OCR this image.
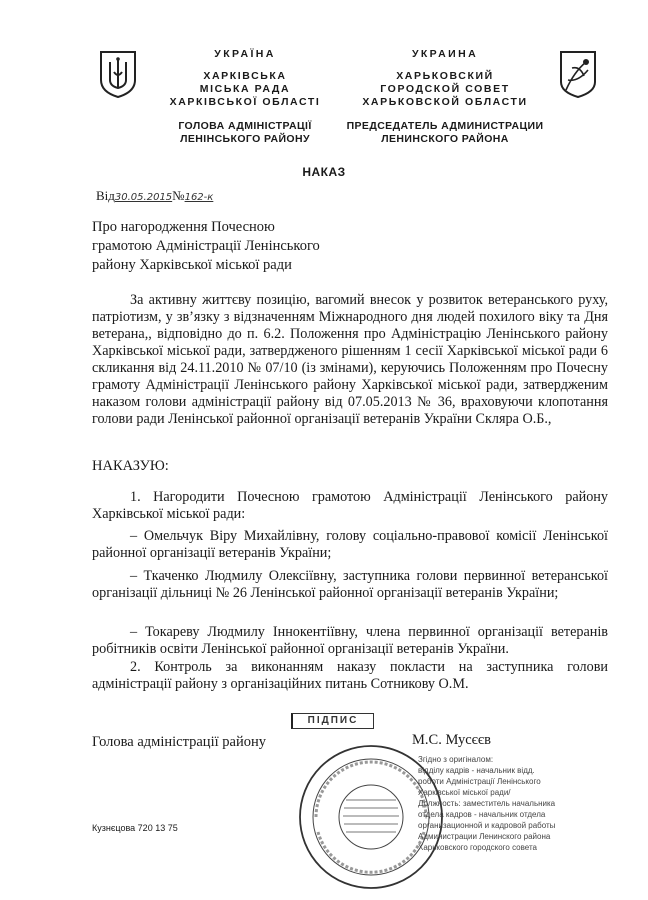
УКРАЇНА
ХАРКІВСЬКА
МІСЬКА РАДА
ХАРКІВСЬКОЇ ОБЛАСТІ
ГОЛОВА АДМІНІСТРАЦІЇ
ЛЕНІНСЬКОГО РАЙОНУ
УКРАИНА
ХАРЬКОВСКИЙ
ГОРОДСКОЙ СОВЕТ
ХАРЬКОВСКОЙ ОБЛАСТИ
ПРЕДСЕДАТЕЛЬ АДМИНИСТРАЦИИ
ЛЕНИНСКОГО РАЙОНА
НАКАЗ
Від30.05.2015№162-к
Про нагородження Почесною
грамотою Адміністрації Ленінського
району Харківської міської ради
За активну життєву позицію, вагомий внесок у розвиток ветеранського руху, патріотизм, у зв’язку з відзначенням Міжнародного дня людей похилого віку та Дня ветерана,, відповідно до п. 6.2. Положення про Адміністрацію Ленінського району Харківської міської ради, затвердженого рішенням 1 сесії Харківської міської ради 6 скликання від 24.11.2010 № 07/10 (із змінами), керуючись Положенням про Почесну грамоту Адміністрації Ленінського району Харківської міської ради, затвердженим наказом голови адміністрації району від 07.05.2013 № 36, враховуючи клопотання голови ради Ленінської районної організації ветеранів України Скляра О.Б.,
НАКАЗУЮ:
1. Нагородити Почесною грамотою Адміністрації Ленінського району Харківської міської ради:
– Омельчук Віру Михайлівну, голову соціально-правової комісії Ленінської районної організації ветеранів України;
– Ткаченко Людмилу Олексіївну, заступника голови первинної ветеранської організації дільниці № 26 Ленінської районної організації ветеранів України;
– Токареву Людмилу Іннокентіївну, члена первинної організації ветеранів робітників освіти Ленінської районної організації ветеранів України.
2. Контроль за виконанням наказу покласти на заступника голови адміністрації району з організаційних питань Сотникову О.М.
ПІДПИС
Голова адміністрації району	М.С. Мусєєв
Згідно з оригіналом:
відділу кадрів - начальник відд.
роботи Адміністрації Ленінського
Харківської міської ради/
Должность: заместитель начальника
отдела кадров - начальник отдела
организационной и кадровой работы
Администрации Ленинского района
Харьковского городского совета
Кузнєцова 720 13 75
